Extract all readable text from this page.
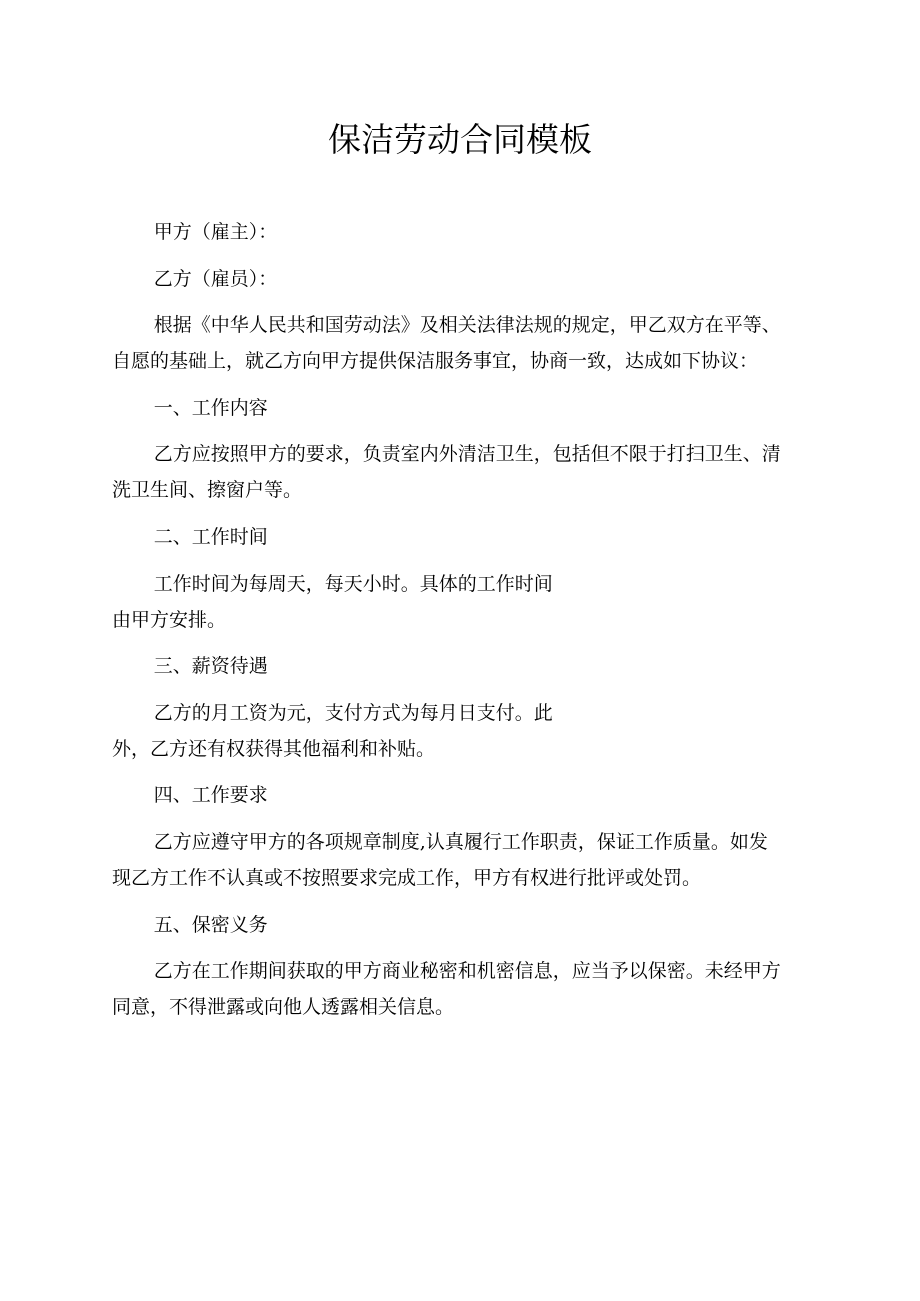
保洁劳动合同模板
甲方（雇主）：
乙方（雇员）：
根据《中华人民共和国劳动法》及相关法律法规的规定，甲乙双方在平等、
自愿的基础上，就乙方向甲方提供保洁服务事宜，协商一致，达成如下协议：
一、工作内容
乙方应按照甲方的要求，负责室内外清洁卫生，包括但不限于打扫卫生、清
洗卫生间、擦窗户等。
二、工作时间
工作时间为每周天，每天小时。具体的工作时间
由甲方安排。
三、薪资待遇
乙方的月工资为元，支付方式为每月日支付。此
外，乙方还有权获得其他福利和补贴。
四、工作要求
乙方应遵守甲方的各项规章制度,认真履行工作职责，保证工作质量。如发
现乙方工作不认真或不按照要求完成工作，甲方有权进行批评或处罚。
五、保密义务
乙方在工作期间获取的甲方商业秘密和机密信息，应当予以保密。未经甲方
同意，不得泄露或向他人透露相关信息。
